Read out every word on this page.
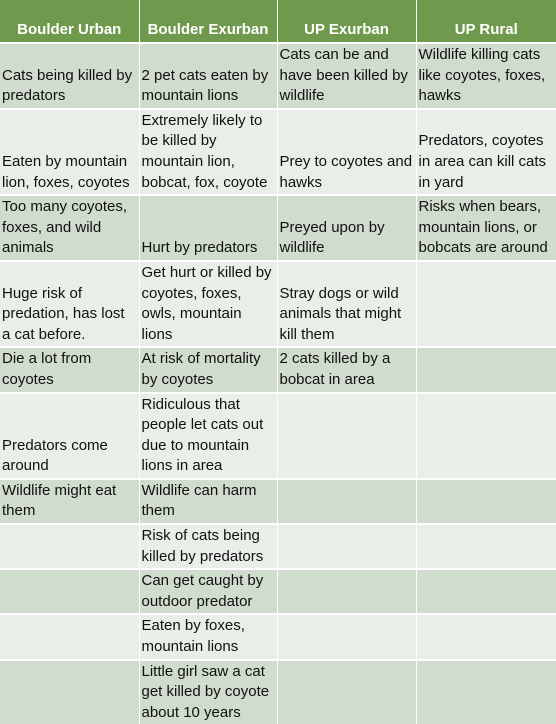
Boulder Urban	Boulder Exurban	UP Exurban	UP Rural

Cats being killed by predators	2 pet cats eaten by mountain lions	Cats can be and have been killed by wildlife	Wildlife killing cats like coyotes, foxes, hawks
Eaten by mountain lion, foxes, coyotes	Extremely likely to be killed by mountain lion, bobcat, fox, coyote	Prey to coyotes and hawks	Predators, coyotes in area can kill cats in yard
Too many coyotes, foxes, and wild animals	Hurt by predators	Preyed upon by wildlife	Risks when bears, mountain lions, or bobcats are around
Huge risk of predation, has lost a cat before.	Get hurt or killed by coyotes, foxes, owls, mountain lions	Stray dogs or wild animals that might kill them	
Die a lot from coyotes	At risk of mortality by coyotes	2 cats killed by a bobcat in area	
Predators come around	Ridiculous that people let cats out due to mountain lions in area		
Wildlife might eat them	Wildlife can harm them		
	Risk of cats being killed by predators		
	Can get caught by outdoor predator		
	Eaten by foxes, mountain lions		
	Little girl saw a cat get killed by coyote about 10 years		
